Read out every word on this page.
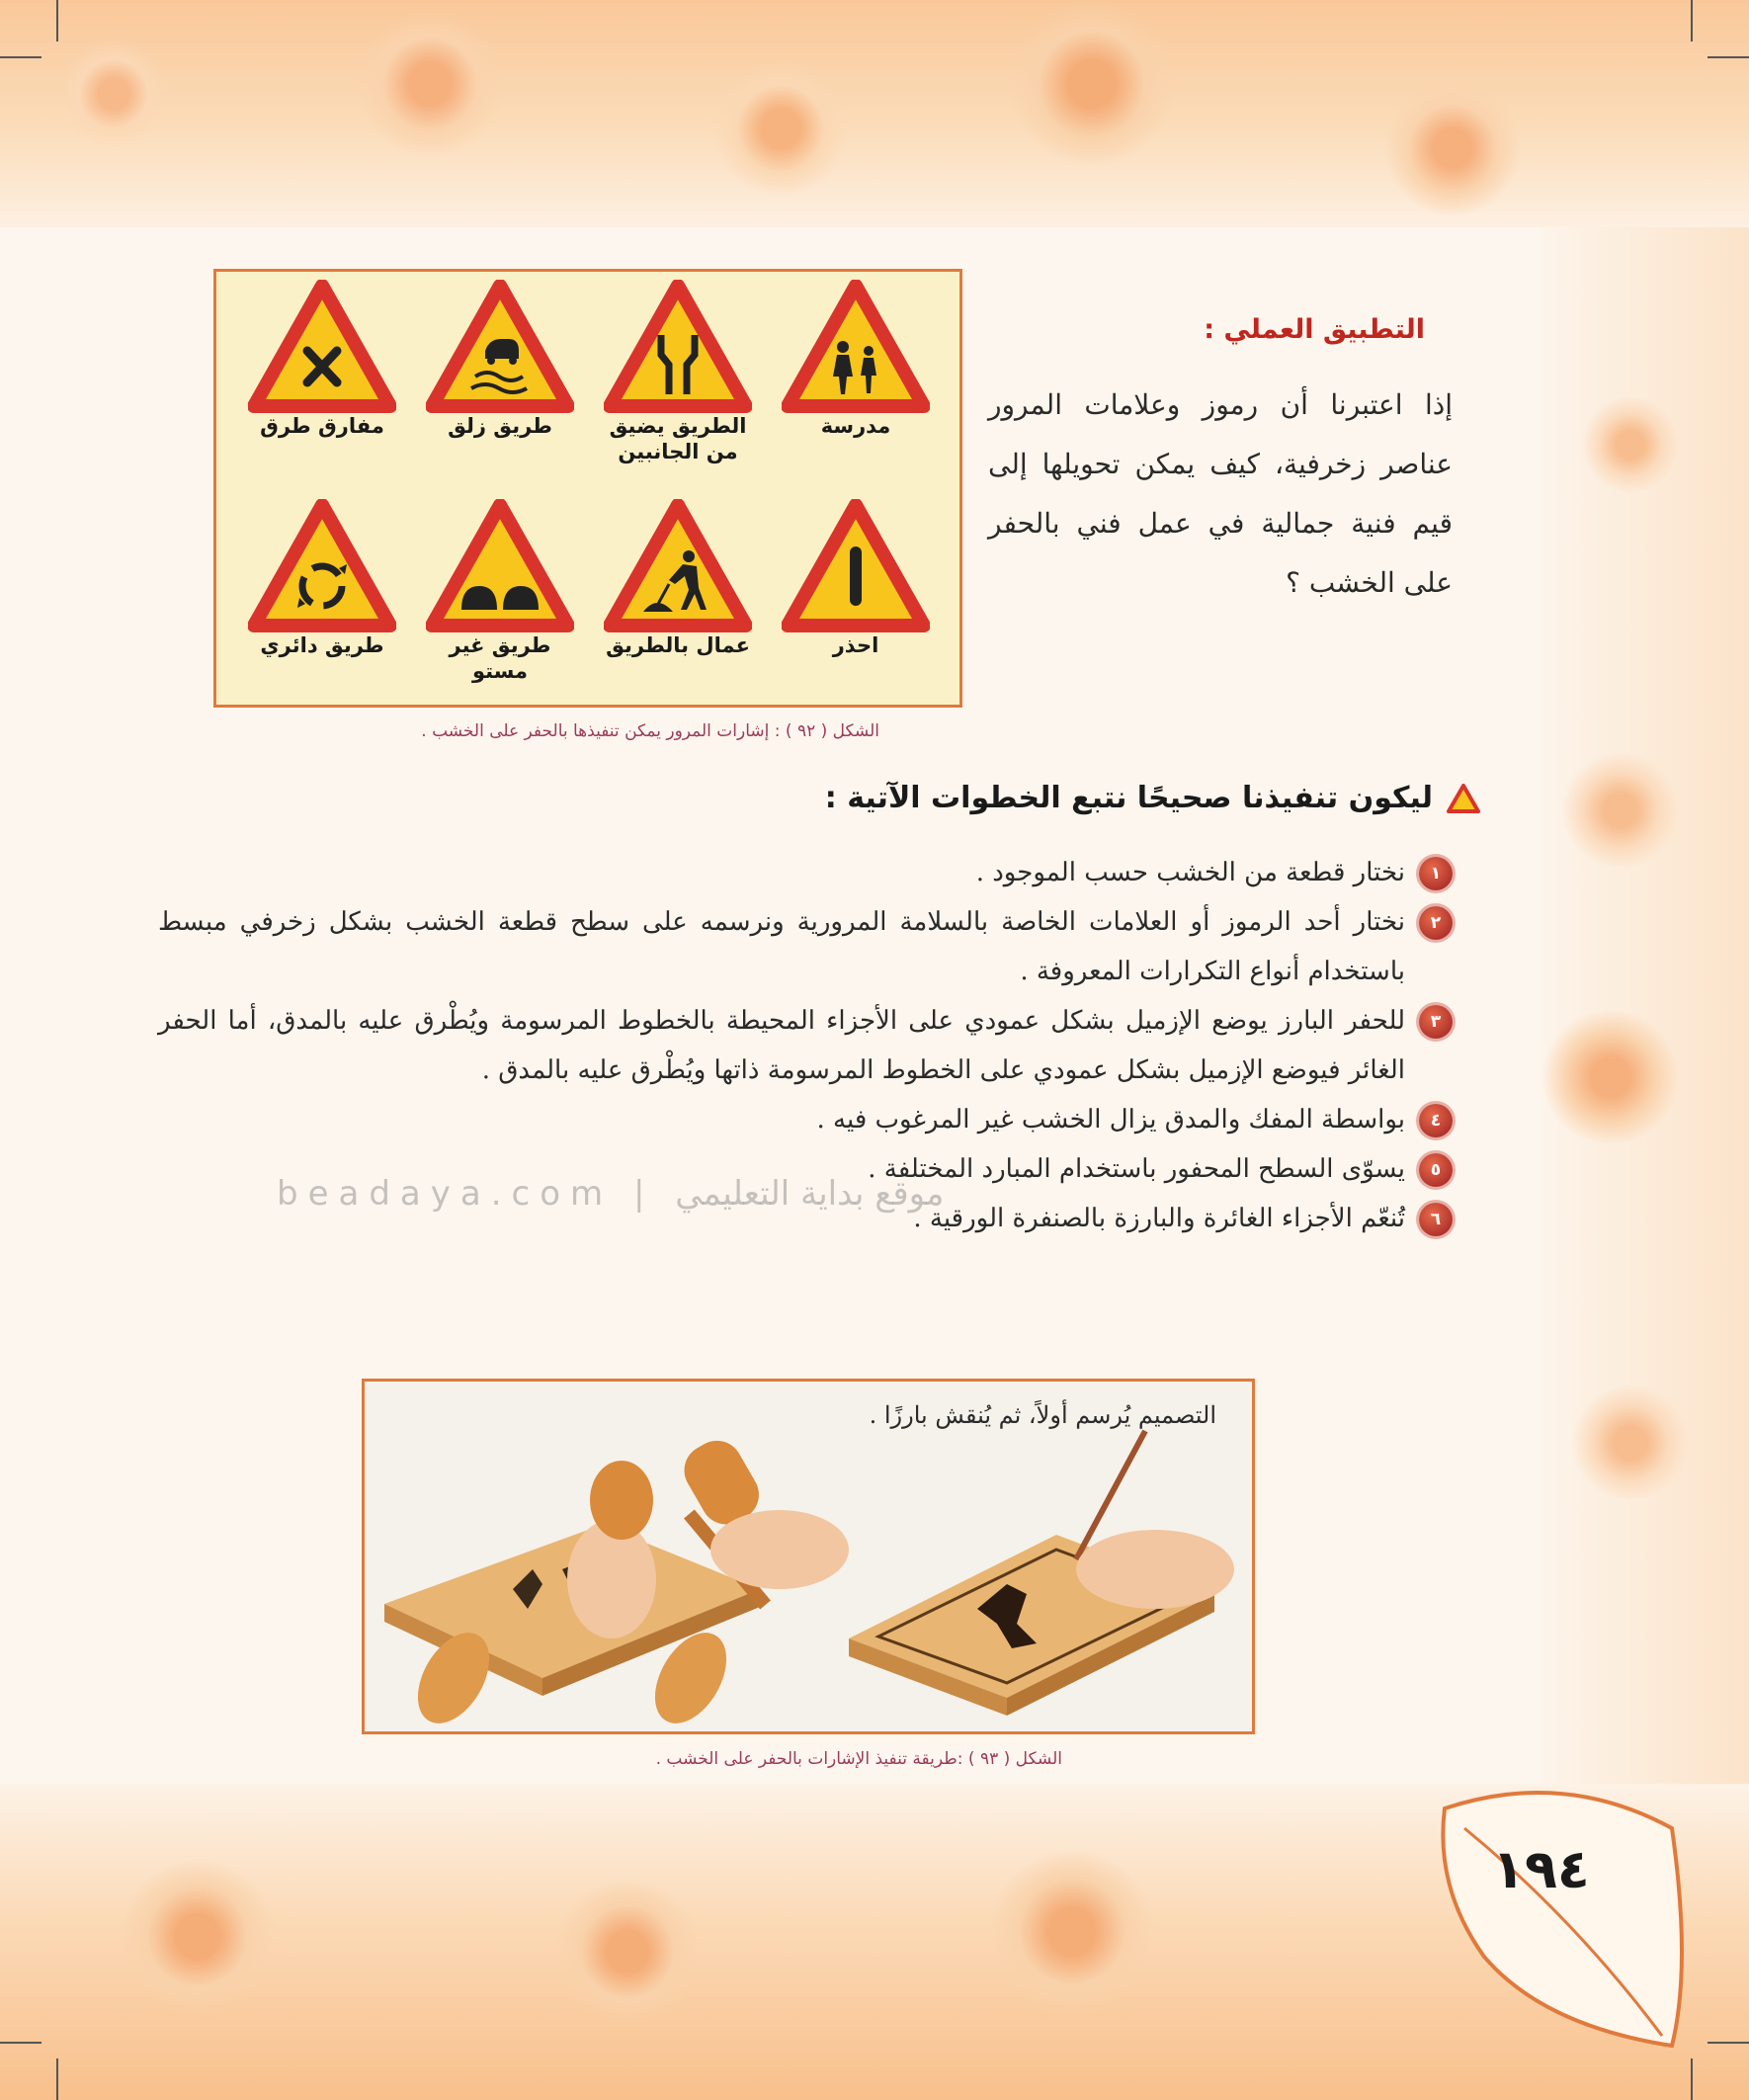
التطبيق العملي :
إذا اعتبرنا أن رموز وعلامات المرور عناصر زخرفية، كيف يمكن تحويلها إلى قيم فنية جمالية في عمل فني بالحفر على الخشب ؟
مدرسة
الطريق يضيق من الجانبين
طريق زلق
مفارق طرق
احذر
عمال بالطريق
طريق غير مستو
طريق دائري
الشكل ( ٩٢ ) : إشارات المرور يمكن تنفيذها بالحفر على الخشب .
ليكون تنفيذنا صحيحًا نتبع الخطوات الآتية :
١
نختار قطعة من الخشب حسب الموجود .
٢
نختار أحد الرموز أو العلامات الخاصة بالسلامة المرورية ونرسمه على سطح قطعة الخشب بشكل زخرفي مبسط باستخدام أنواع التكرارات المعروفة .
٣
للحفر البارز يوضع الإزميل بشكل عمودي على الأجزاء المحيطة بالخطوط المرسومة ويُطْرق عليه بالمدق، أما الحفر الغائر فيوضع الإزميل بشكل عمودي على الخطوط المرسومة ذاتها ويُطْرق عليه بالمدق .
٤
بواسطة المفك والمدق يزال الخشب غير المرغوب فيه .
٥
يسوّى السطح المحفور باستخدام المبارد المختلفة .
٦
تُنعّم الأجزاء الغائرة والبارزة بالصنفرة الورقية .
beadaya.com | موقع بداية التعليمي
التصميم يُرسم أولاً، ثم يُنقش بارزًا .
الشكل ( ٩٣ ) :طريقة تنفيذ الإشارات بالحفر على الخشب .
١٩٤
